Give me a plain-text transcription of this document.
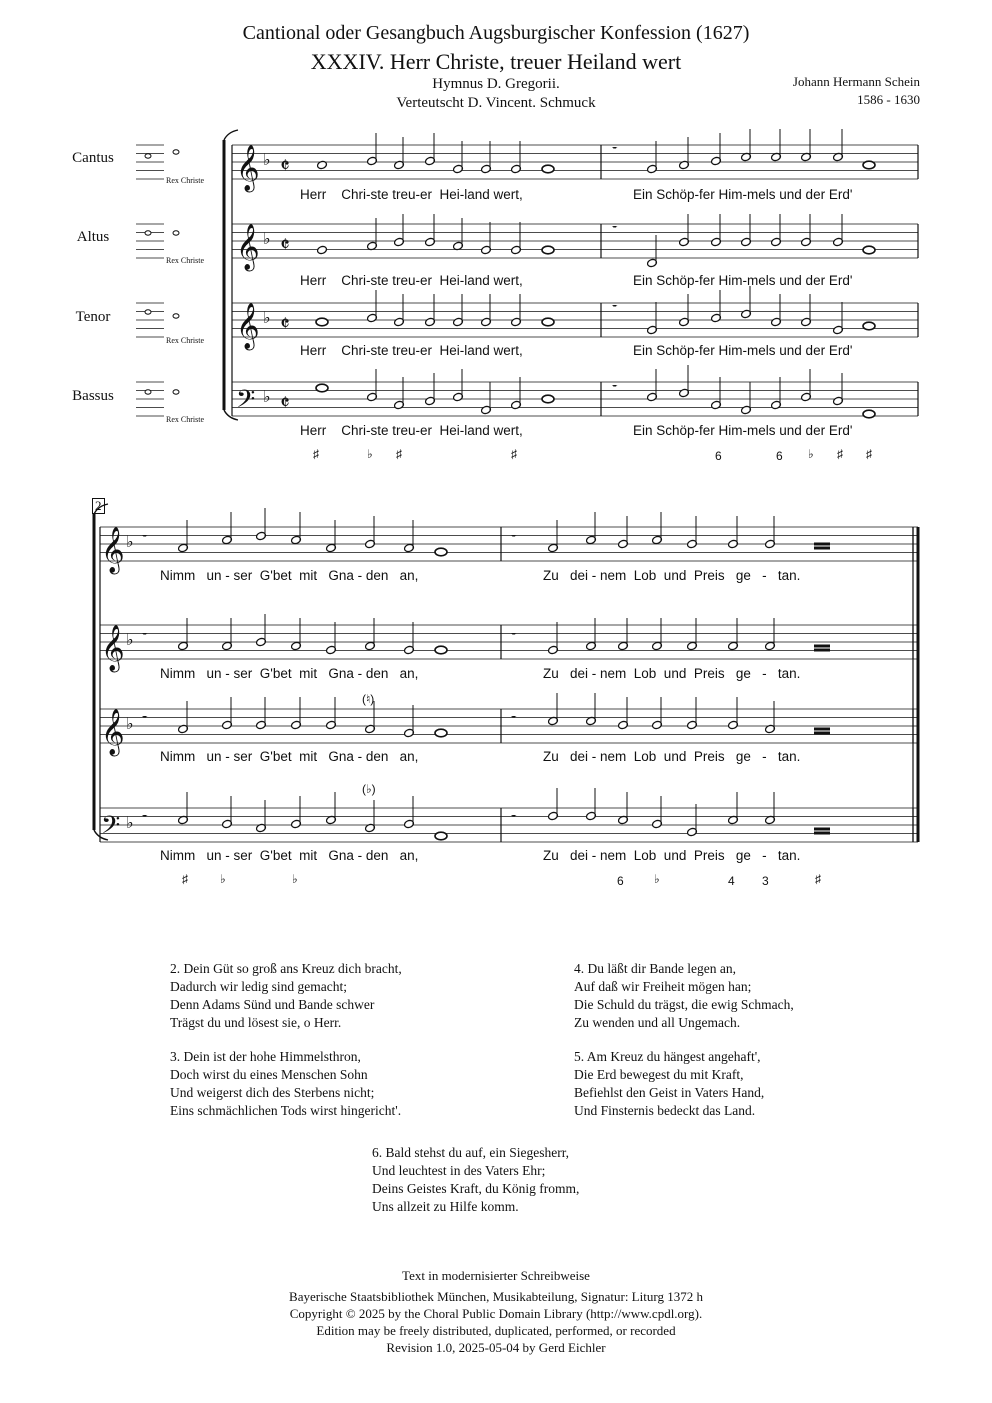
Cantional oder Gesangbuch Augsburgischer Konfession (1627)
XXXIV. Herr Christe, treuer Heiland wert
Hymnus D. Gregorii.
Verteutscht D. Vincent. Schmuck
Johann Hermann Schein
1586 - 1630
Cantus
Altus
Tenor
Bassus
Rex Christe
Rex Christe
Rex Christe
Rex Christe
𝄞 ♭ 𝄵
𝄞 ♭ 𝄵
𝄞 ♭ 𝄵
𝄢 ♭ 𝄵
𝄻
𝄻
𝄻
𝄻
𝄞 ♭
𝄞 ♭
𝄞 ♭
𝄢 ♭
𝄻	𝄻
𝄻	𝄻
𝄻	𝄻
𝄻	𝄻
Herr    Chri-ste treu-er  Hei-land wert,	Ein Schöp-fer Him-mels und der Erd'
Herr    Chri-ste treu-er  Hei-land wert,	Ein Schöp-fer Him-mels und der Erd'
Herr    Chri-ste treu-er  Hei-land wert,	Ein Schöp-fer Him-mels und der Erd'
Herr    Chri-ste treu-er  Hei-land wert,	Ein Schöp-fer Him-mels und der Erd'
♯	♭ ♯	♯	6	6 ♭ ♯ ♯
2
Nimm   un - ser  G'bet  mit   Gna - den   an,	Zu   dei - nem  Lob  und  Preis   ge   -   tan.
Nimm   un - ser  G'bet  mit   Gna - den   an,	Zu   dei - nem  Lob  und  Preis   ge   -   tan.
Nimm   un - ser  G'bet  mit   Gna - den   an,	Zu   dei - nem  Lob  und  Preis   ge   -   tan.
Nimm   un - ser  G'bet  mit   Gna - den   an,	Zu   dei - nem  Lob  und  Preis   ge   -   tan.
(♮)
(♭)
♯	♭	♭	6	♭	4 3	♯
2. Dein Güt so groß ans Kreuz dich bracht,
Dadurch wir ledig sind gemacht;
Denn Adams Sünd und Bande schwer
Trägst du und lösest sie, o Herr.
3. Dein ist der hohe Himmelsthron,
Doch wirst du eines Menschen Sohn
Und weigerst dich des Sterbens nicht;
Eins schmächlichen Tods wirst hingericht'.
4. Du läßt dir Bande legen an,
Auf daß wir Freiheit mögen han;
Die Schuld du trägst, die ewig Schmach,
Zu wenden und all Ungemach.
5. Am Kreuz du hängest angehaft',
Die Erd bewegest du mit Kraft,
Befiehlst den Geist in Vaters Hand,
Und Finsternis bedeckt das Land.
6. Bald stehst du auf, ein Siegesherr,
Und leuchtest in des Vaters Ehr;
Deins Geistes Kraft, du König fromm,
Uns allzeit zu Hilfe komm.
Text in modernisierter Schreibweise
Bayerische Staatsbibliothek München, Musikabteilung, Signatur: Liturg 1372 h
Copyright © 2025 by the Choral Public Domain Library (http://www.cpdl.org).
Edition may be freely distributed, duplicated, performed, or recorded
Revision 1.0, 2025-05-04 by Gerd Eichler
